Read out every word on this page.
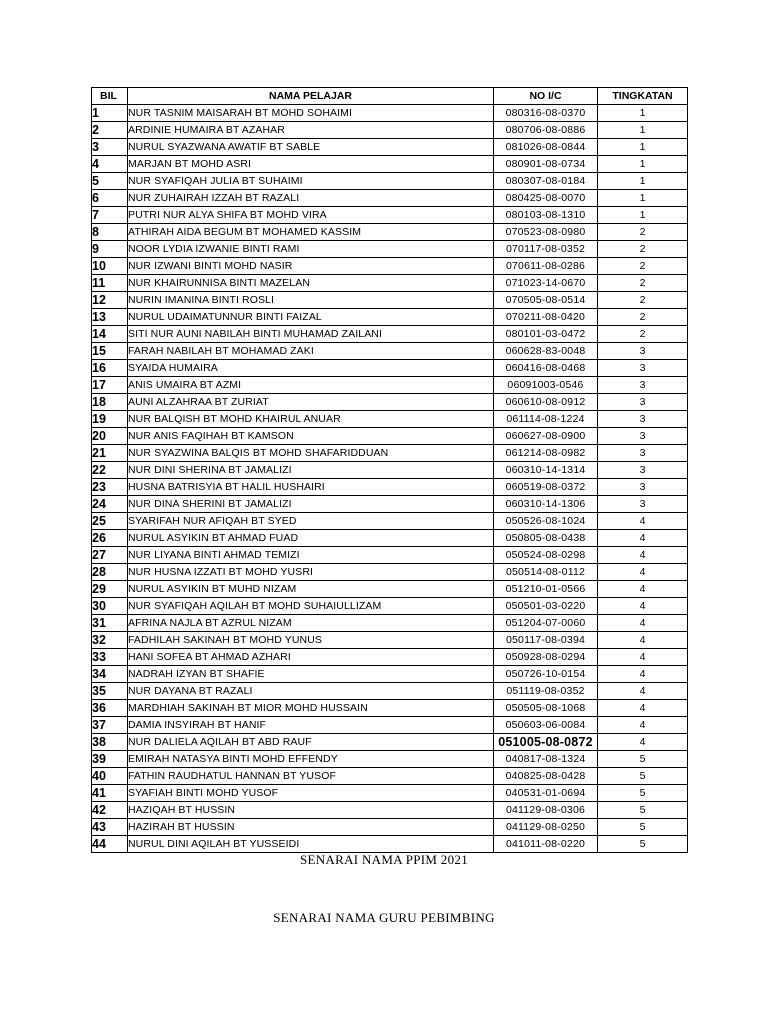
BIL	NAMA PELAJAR	NO I/C	TINGKATAN
1	NUR TASNIM MAISARAH BT MOHD SOHAIMI	080316-08-0370	1
2	ARDINIE HUMAIRA BT AZAHAR	080706-08-0886	1
3	NURUL SYAZWANA AWATIF BT SABLE	081026-08-0844	1
4	MARJAN BT MOHD ASRI	080901-08-0734	1
5	NUR SYAFIQAH JULIA BT SUHAIMI	080307-08-0184	1
6	NUR ZUHAIRAH IZZAH BT RAZALI	080425-08-0070	1
7	PUTRI NUR ALYA SHIFA BT MOHD VIRA	080103-08-1310	1
8	ATHIRAH AIDA BEGUM BT MOHAMED KASSIM	070523-08-0980	2
9	NOOR LYDIA IZWANIE BINTI RAMI	070117-08-0352	2
10	NUR IZWANI BINTI MOHD NASIR	070611-08-0286	2
11	NUR KHAIRUNNISA BINTI MAZELAN	071023-14-0670	2
12	NURIN IMANINA BINTI ROSLI	070505-08-0514	2
13	NURUL UDAIMATUNNUR BINTI FAIZAL	070211-08-0420	2
14	SITI NUR AUNI NABILAH BINTI MUHAMAD ZAILANI	080101-03-0472	2
15	FARAH NABILAH BT MOHAMAD ZAKI	060628-83-0048	3
16	SYAIDA HUMAIRA	060416-08-0468	3
17	ANIS UMAIRA BT AZMI	06091003-0546	3
18	AUNI ALZAHRAA BT ZURIAT	060610-08-0912	3
19	NUR BALQISH BT MOHD KHAIRUL ANUAR	061114-08-1224	3
20	NUR ANIS FAQIHAH BT KAMSON	060627-08-0900	3
21	NUR SYAZWINA BALQIS BT MOHD SHAFARIDDUAN	061214-08-0982	3
22	NUR DINI SHERINA BT JAMALIZI	060310-14-1314	3
23	HUSNA BATRISYIA BT HALIL HUSHAIRI	060519-08-0372	3
24	NUR DINA SHERINI BT JAMALIZI	060310-14-1306	3
25	SYARIFAH NUR AFIQAH BT SYED	050526-08-1024	4
26	NURUL ASYIKIN BT AHMAD FUAD	050805-08-0438	4
27	NUR LIYANA BINTI AHMAD TEMIZI	050524-08-0298	4
28	NUR HUSNA IZZATI BT MOHD YUSRI	050514-08-0112	4
29	NURUL ASYIKIN BT MUHD NIZAM	051210-01-0566	4
30	NUR SYAFIQAH AQILAH BT MOHD SUHAIULLIZAM	050501-03-0220	4
31	AFRINA NAJLA BT AZRUL NIZAM	051204-07-0060	4
32	FADHILAH SAKINAH BT MOHD YUNUS	050117-08-0394	4
33	HANI SOFEA BT AHMAD AZHARI	050928-08-0294	4
34	NADRAH IZYAN BT SHAFIE	050726-10-0154	4
35	NUR DAYANA BT RAZALI	051119-08-0352	4
36	MARDHIAH SAKINAH BT MIOR MOHD HUSSAIN	050505-08-1068	4
37	DAMIA INSYIRAH BT HANIF	050603-06-0084	4
38	NUR DALIELA AQILAH BT ABD RAUF	051005-08-0872	4
39	EMIRAH NATASYA BINTI MOHD EFFENDY	040817-08-1324	5
40	FATHIN RAUDHATUL HANNAN BT YUSOF	040825-08-0428	5
41	SYAFIAH BINTI MOHD YUSOF	040531-01-0694	5
42	HAZIQAH BT HUSSIN	041129-08-0306	5
43	HAZIRAH BT HUSSIN	041129-08-0250	5
44	NURUL DINI AQILAH BT YUSSEIDI	041011-08-0220	5
SENARAI NAMA PPIM 2021
SENARAI NAMA GURU PEBIMBING
